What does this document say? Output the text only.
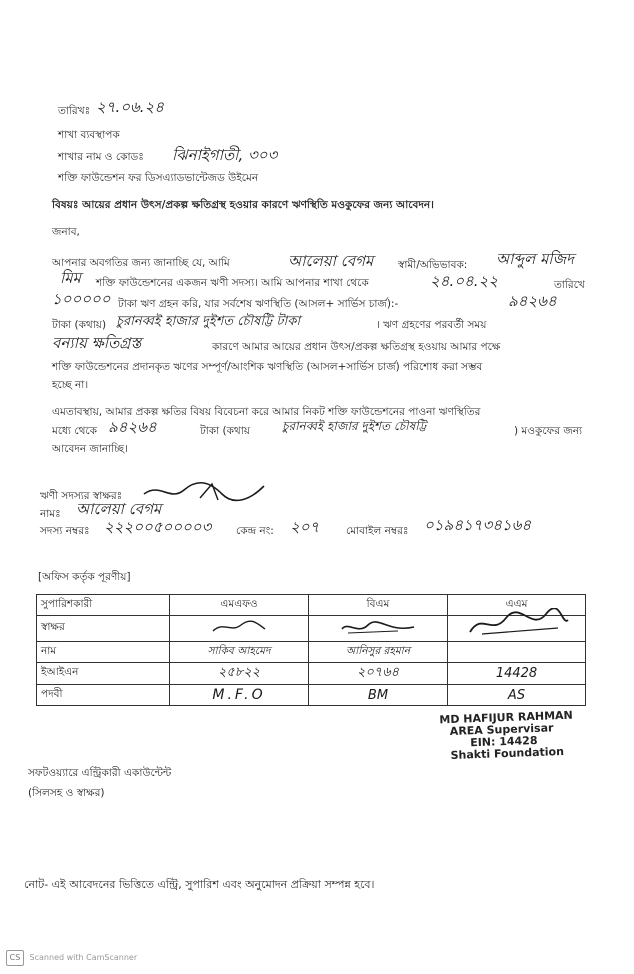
তারিখঃ ২৭.০৬.২৪
শাখা ব্যবস্থাপক
শাখার নাম ও কোডঃ ঝিনাইগাতী, ৩০৩
শক্তি ফাউন্ডেশন ফর ডিসএ্যাডভান্টেজড উইমেন
বিষয়ঃ আয়ের প্রধান উৎস/প্রকল্প ক্ষতিগ্রস্থ হওয়ার কারণে ঋণস্থিতি মওকুফের জন্য আবেদন।
জনাব,
আপনার অবগতির জন্য জানাচ্ছি যে, আমি	আলেয়া বেগম স্বামী/অভিভাবক: আব্দুল মজিদ
মিম শক্তি ফাউন্ডেশনের একজন ঋণী সদস্য। আমি আপনার শাখা থেকে	২৪.০৪.২২	তারিখে
১০০০০০ টাকা ঋণ গ্রহন করি, যার সর্বশেষ ঋণস্থিতি (আসল+ সার্ভিস চার্জ):-	৯৪২৬৪
টাকা (কথায়) চুরানব্বই হাজার দুইশত চৌষট্টি টাকা	। ঋণ গ্রহণের পরবর্তী সময়
বন্যায় ক্ষতিগ্রস্ত	কারণে আমার আয়ের প্রধান উৎস/প্রকল্প ক্ষতিগ্রস্থ হওয়ায় আমার পক্ষে
শক্তি ফাউন্ডেশনের প্রদানকৃত ঋণের সম্পূর্ণ/আংশিক ঋণস্থিতি (আসল+সার্ভিস চার্জ) পরিশোধ করা সম্ভব
হচ্ছে না।
এমতাবস্থায়, আমার প্রকল্প ক্ষতির বিষয় বিবেচনা করে আমার নিকট শক্তি ফাউন্ডেশনের পাওনা ঋণস্থিতির
মধ্যে থেকে ৯৪২৬৪	টাকা (কথায়	চুরানব্বই হাজার দুইশত চৌষট্টি	) মওকুফের জন্য
আবেদন জানাচ্ছি।
ঋণী সদস্যর স্বাক্ষরঃ
নামঃ আলেয়া বেগম
সদস্য নম্বরঃ ২২২০০৫০০০০৩ কেন্দ্র নং: ২০৭	মোবাইল নম্বরঃ ০১৯৪১৭৩৪১৬৪
[অফিস কর্তৃক পূরণীয়]
সুপারিশকারী	এমএফও	বিএম	এএম
স্বাক্ষর			
নাম	সাকিব আহমেদ	আনিসুর রহমান	
ইআইএন	২৫৮২২	২০৭৬৪	14428
পদবী	M.F.O	BM	AS
MD HAFIJUR RAHMAN
AREA Supervisar
EIN: 14428
Shakti Foundation
সফটওয়্যারে এন্ট্রিকারী একাউন্টেন্ট
(সিলসহ ও স্বাক্ষর)
নোট- এই আবেদনের ভিত্তিতে এন্ট্রি, সুপারিশ এবং অনুমোদন প্রক্রিয়া সম্পন্ন হবে।
CS Scanned with CamScanner
